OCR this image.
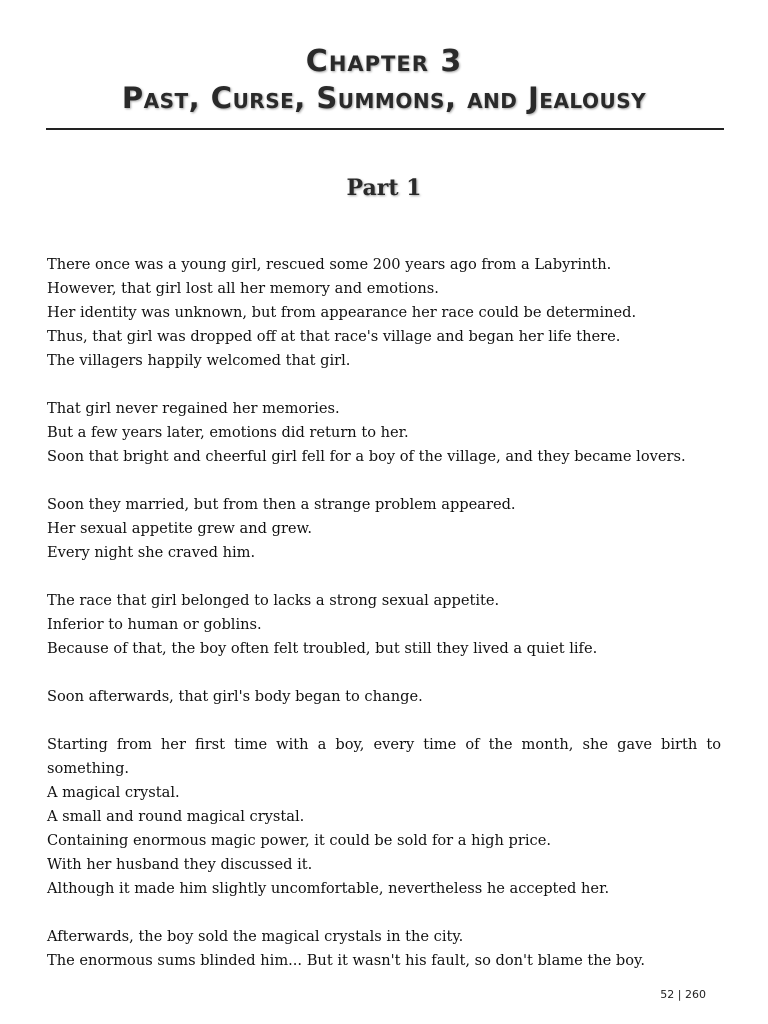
Chapter 3
Past, Curse, Summons, and Jealousy
Part 1

There once was a young girl, rescued some 200 years ago from a Labyrinth.
However, that girl lost all her memory and emotions.
Her identity was unknown, but from appearance her race could be determined.
Thus, that girl was dropped off at that race's village and began her life there.
The villagers happily welcomed that girl.

That girl never regained her memories.
But a few years later, emotions did return to her.
Soon that bright and cheerful girl fell for a boy of the village, and they became lovers.

Soon they married, but from then a strange problem appeared.
Her sexual appetite grew and grew.
Every night she craved him.

The race that girl belonged to lacks a strong sexual appetite.
Inferior to human or goblins.
Because of that, the boy often felt troubled, but still they lived a quiet life.

Soon afterwards, that girl's body began to change.

Starting from her first time with a boy, every time of the month, she gave birth to something.
A magical crystal.
A small and round magical crystal.
Containing enormous magic power, it could be sold for a high price.
With her husband they discussed it.
Although it made him slightly uncomfortable, nevertheless he accepted her.

Afterwards, the boy sold the magical crystals in the city.
The enormous sums blinded him... But it wasn't his fault, so don't blame the boy.

52 | 260
